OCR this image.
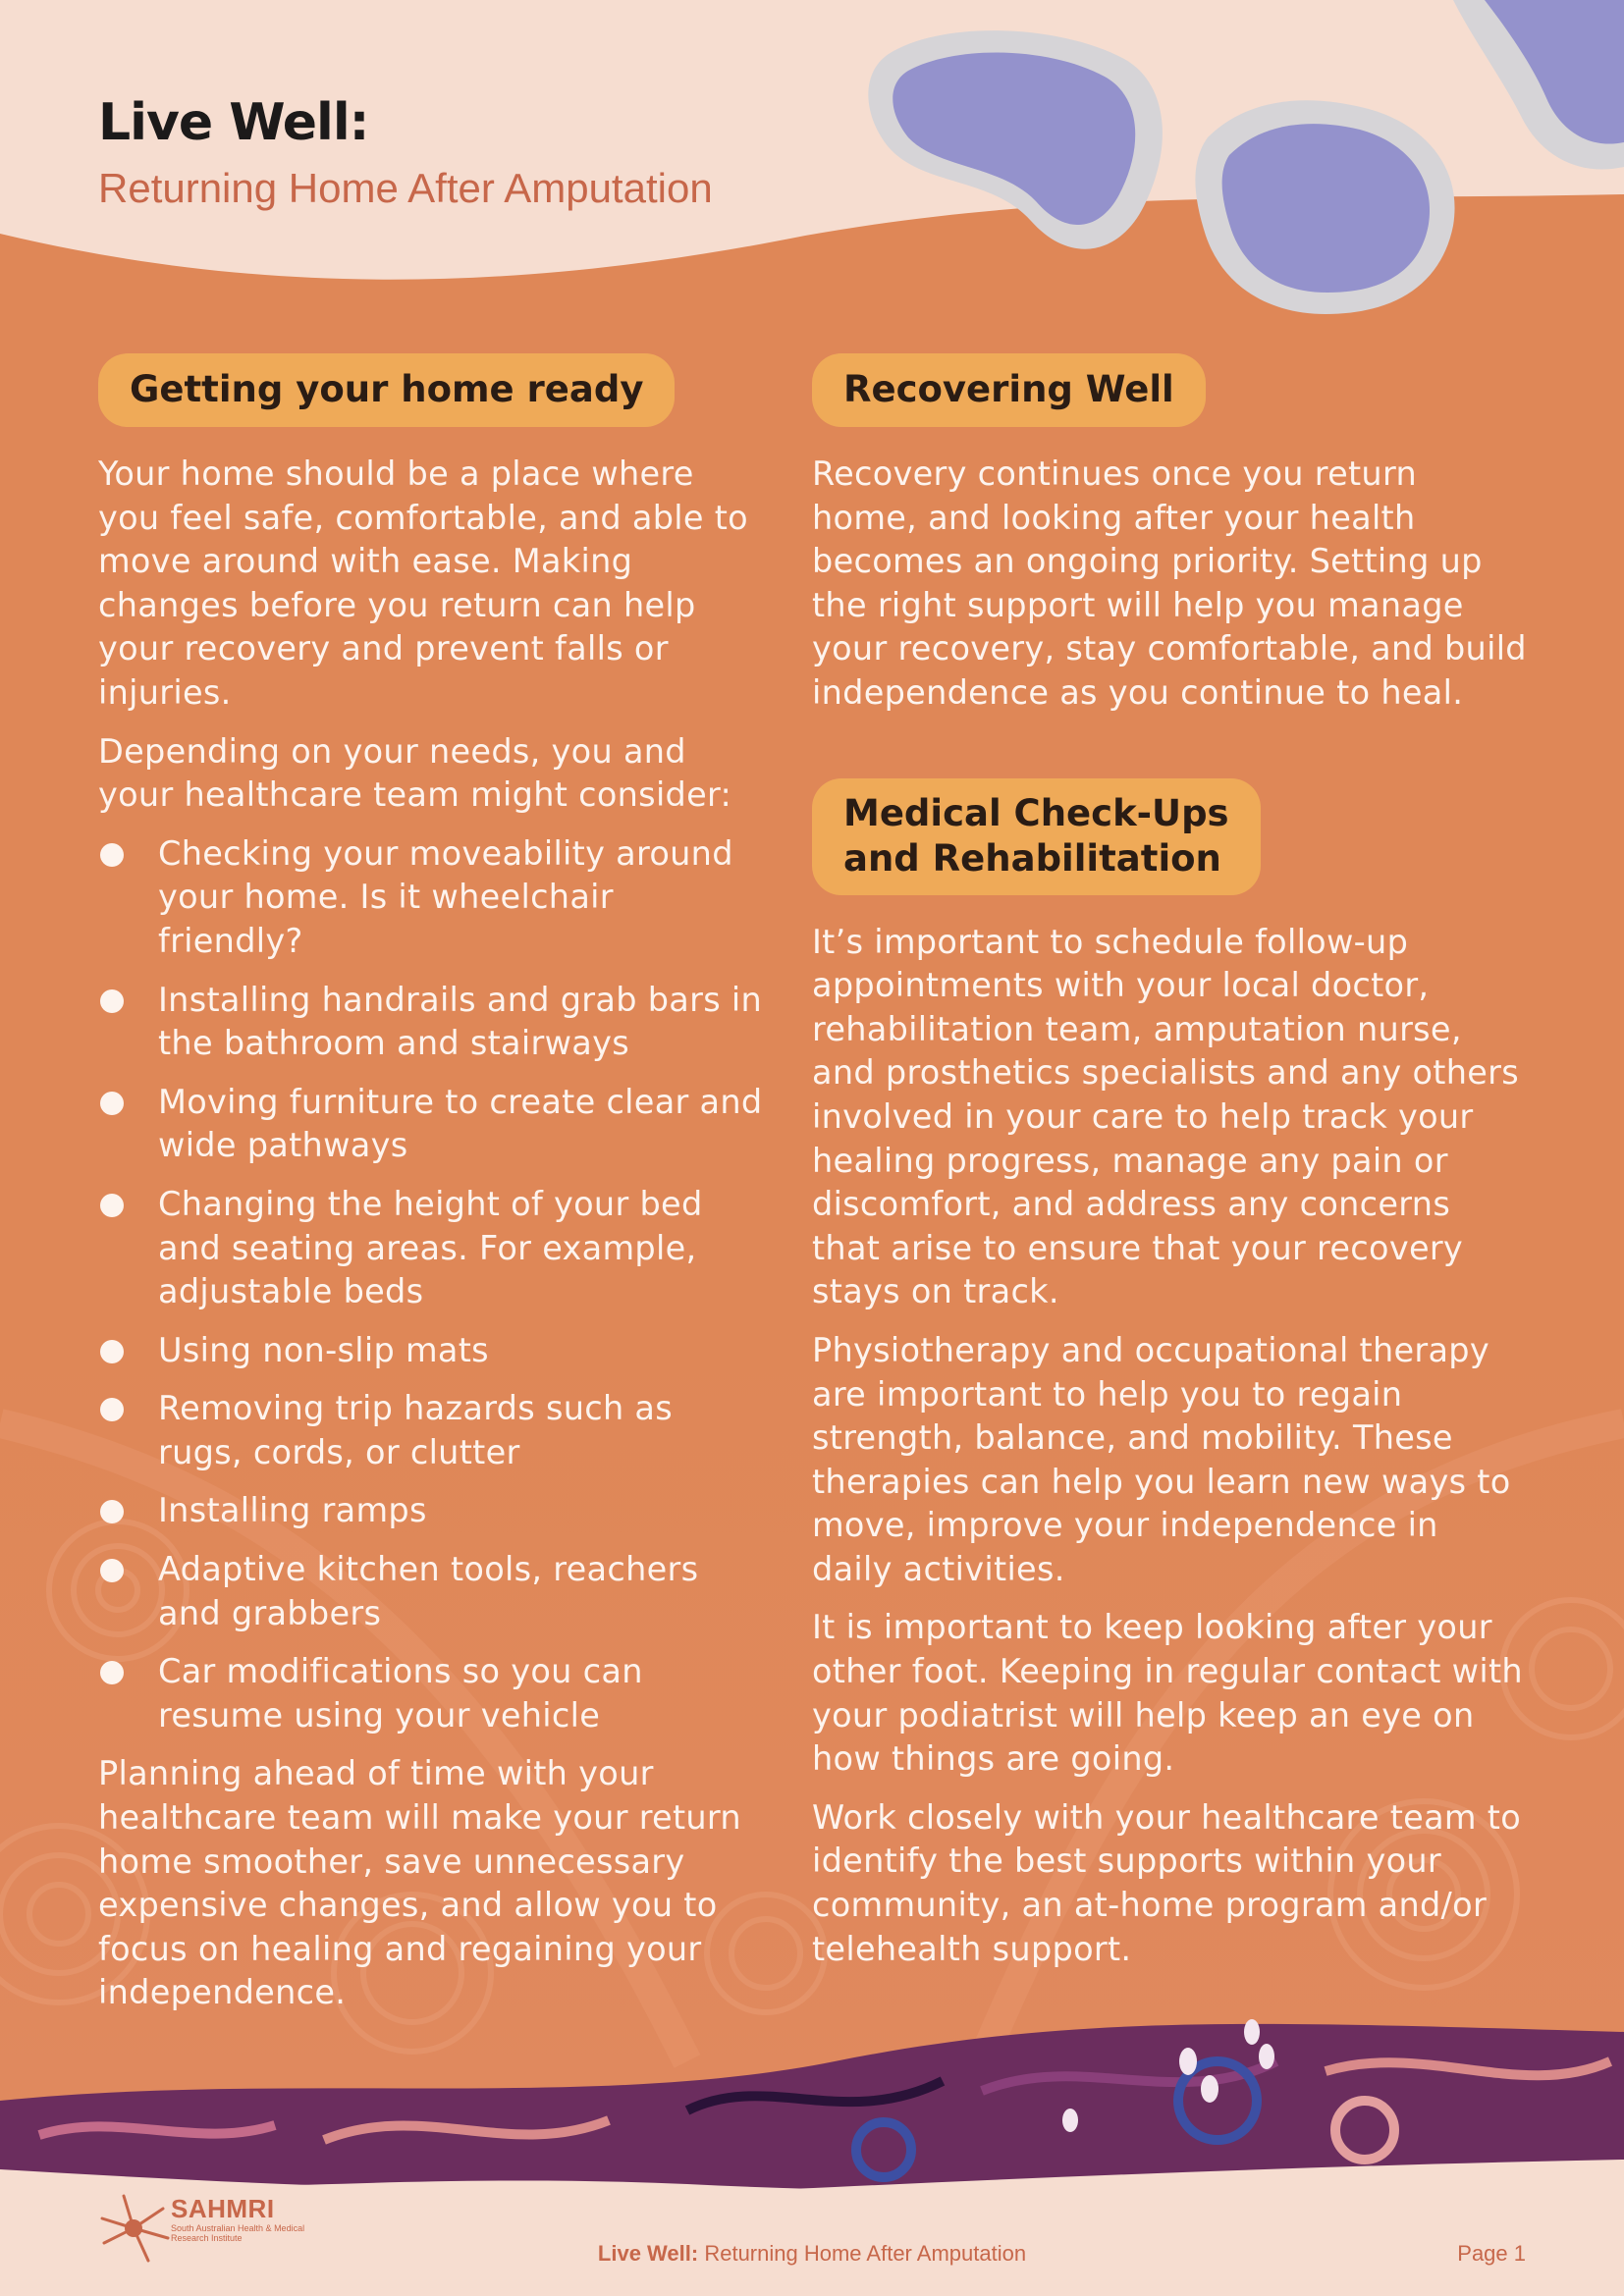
Live Well:
Returning Home After Amputation
Getting your home ready

Your home should be a place where you feel safe, comfortable, and able to move around with ease. Making changes before you return can help your recovery and prevent falls or injuries.

Depending on your needs, you and your healthcare team might consider:

Checking your moveability around your home. Is it wheelchair friendly?
Installing handrails and grab bars in the bathroom and stairways
Moving furniture to create clear and wide pathways
Changing the height of your bed and seating areas. For example, adjustable beds
Using non-slip mats
Removing trip hazards such as rugs, cords, or clutter
Installing ramps
Adaptive kitchen tools, reachers and grabbers
Car modifications so you can resume using your vehicle

Planning ahead of time with your healthcare team will make your return home smoother, save unnecessary expensive changes, and allow you to focus on healing and regaining your independence.

Recovering Well

Recovery continues once you return home, and looking after your health becomes an ongoing priority. Setting up the right support will help you manage your recovery, stay comfortable, and build independence as you continue to heal.

Medical Check-Ups
and Rehabilitation

It’s important to schedule follow-up appointments with your local doctor, rehabilitation team, amputation nurse, and prosthetics specialists and any others involved in your care to help track your healing progress, manage any pain or discomfort, and address any concerns that arise to ensure that your recovery stays on track.

Physiotherapy and occupational therapy are important to help you to regain strength, balance, and mobility. These therapies can help you learn new ways to move, improve your independence in daily activities.

It is important to keep looking after your other foot. Keeping in regular contact with your podiatrist will help keep an eye on how things are going.

Work closely with your healthcare team to identify the best supports within your community, an at-home program and/or telehealth support.

SAHMRI
South Australian Health & Medical Research Institute
Live Well: Returning Home After Amputation	Page 1
